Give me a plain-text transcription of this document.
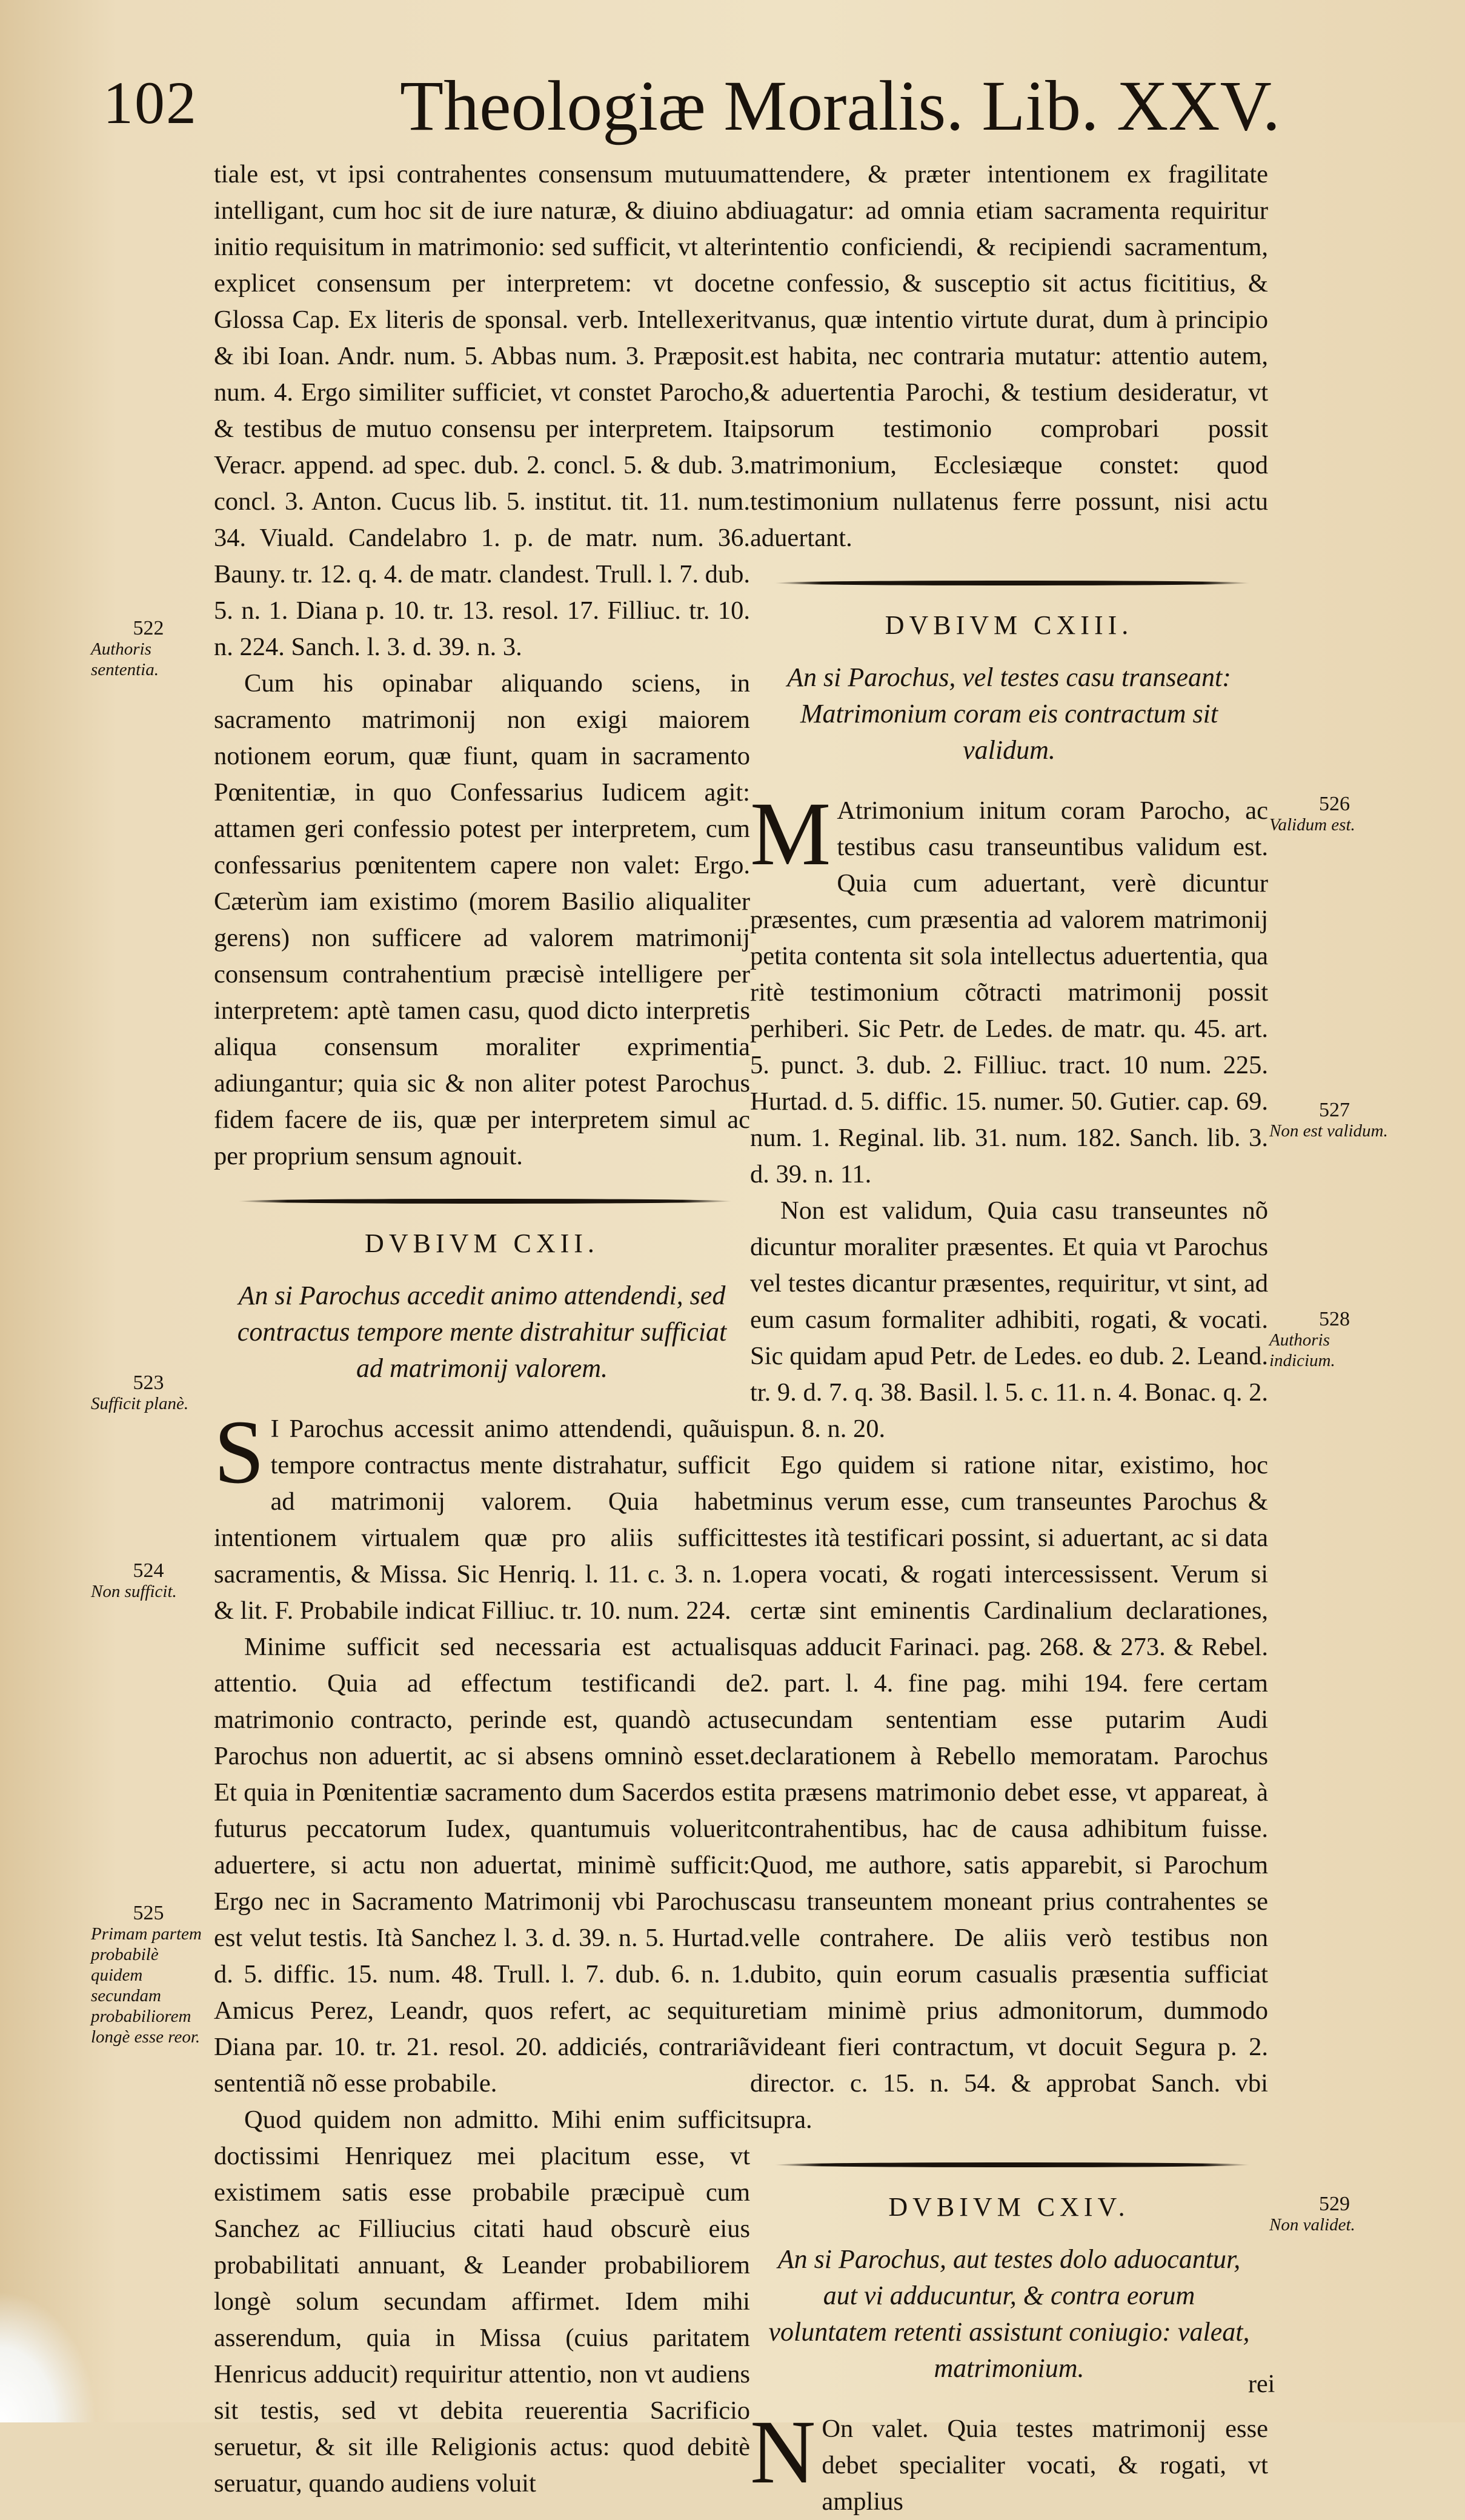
102	Theologiæ Moralis. Lib. XXV.

tiale est, vt ipsi contrahentes consensum mutuum intelligant, cum hoc sit de iure naturæ, & diuino ab initio requisitum in matrimonio: sed sufficit, vt alter explicet consensum per interpretem: vt docet Glossa Cap. Ex literis de sponsal. verb. Intellexerit & ibi Ioan. Andr. num. 5. Abbas num. 3. Præposit. num. 4. Ergo similiter sufficiet, vt constet Parocho, & testibus de mutuo consensu per interpretem. Ita Veracr. append. ad spec. dub. 2. concl. 5. & dub. 3. concl. 3. Anton. Cucus lib. 5. institut. tit. 11. num. 34. Viuald. Candelabro 1. p. de matr. num. 36. Bauny. tr. 12. q. 4. de matr. clandest. Trull. l. 7. dub. 5. n. 1. Diana p. 10. tr. 13. resol. 17. Filliuc. tr. 10. n. 224. Sanch. l. 3. d. 39. n. 3.

Cum his opinabar aliquando sciens, in sacramento matrimonij non exigi maiorem notionem eorum, quæ fiunt, quam in sacramento Pœnitentiæ, in quo Confessarius Iudicem agit: attamen geri confessio potest per interpretem, cum confessarius pœnitentem capere non valet: Ergo. Cæterùm iam existimo (morem Basilio aliqualiter gerens) non sufficere ad valorem matrimonij consensum contrahentium præcisè intelligere per interpretem: aptè tamen casu, quod dicto interpretis aliqua consensum moraliter exprimentia adiungantur; quia sic & non aliter potest Parochus fidem facere de iis, quæ per interpretem simul ac per proprium sensum agnouit.

DVBIVM CXII.
An si Parochus accedit animo attendendi, sed contractus tempore mente distrahitur sufficiat ad matrimonij valorem.

S I Parochus accessit animo attendendi, quãuis tempore contractus mente distrahatur, sufficit ad matrimonij valorem. Quia habet intentionem virtualem quæ pro aliis sufficit sacramentis, & Missa. Sic Henriq. l. 11. c. 3. n. 1. & lit. F. Probabile indicat Filliuc. tr. 10. num. 224.

Minime sufficit sed necessaria est actualis attentio. Quia ad effectum testificandi de matrimonio contracto, perinde est, quandò actu Parochus non aduertit, ac si absens omninò esset. Et quia in Pœnitentiæ sacramento dum Sacerdos est futurus peccatorum Iudex, quantumuis voluerit aduertere, si actu non aduertat, minimè sufficit: Ergo nec in Sacramento Matrimonij vbi Parochus est velut testis. Ità Sanchez l. 3. d. 39. n. 5. Hurtad. d. 5. diffic. 15. num. 48. Trull. l. 7. dub. 6. n. 1. Amicus Perez, Leandr, quos refert, ac sequitur Diana par. 10. tr. 21. resol. 20. addiciés, contrariã sententiã nõ esse probabile.

Quod quidem non admitto. Mihi enim sufficit doctissimi Henriquez mei placitum esse, vt existimem satis esse probabile præcipuè cum Sanchez ac Filliucius citati haud obscurè eius probabilitati annuant, & Leander probabiliorem longè solum secundam affirmet. Idem mihi asserendum, quia in Missa (cuius paritatem Henricus adducit) requiritur attentio, non vt audiens sit testis, sed vt debita reuerentia Sacrificio seruetur, & sit ille Religionis actus: quod debitè seruatur, quando audiens voluit

attendere, & præter intentionem ex fragilitate diuagatur: ad omnia etiam sacramenta requiritur intentio conficiendi, & recipiendi sacramentum, ne confessio, & susceptio sit actus ficititius, & vanus, quæ intentio virtute durat, dum à principio est habita, nec contraria mutatur: attentio autem, & aduertentia Parochi, & testium desideratur, vt ipsorum testimonio comprobari possit matrimonium, Ecclesiæque constet: quod testimonium nullatenus ferre possunt, nisi actu aduertant.

DVBIVM CXIII.
An si Parochus, vel testes casu transeant: Matrimonium coram eis contractum sit validum.

M Atrimonium initum coram Parocho, ac testibus casu transeuntibus validum est. Quia cum aduertant, verè dicuntur præsentes, cum præsentia ad valorem matrimonij petita contenta sit sola intellectus aduertentia, qua ritè testimonium cõtracti matrimonij possit perhiberi. Sic Petr. de Ledes. de matr. qu. 45. art. 5. punct. 3. dub. 2. Filliuc. tract. 10 num. 225. Hurtad. d. 5. diffic. 15. numer. 50. Gutier. cap. 69. num. 1. Reginal. lib. 31. num. 182. Sanch. lib. 3. d. 39. n. 11.

Non est validum, Quia casu transeuntes nõ dicuntur moraliter præsentes. Et quia vt Parochus vel testes dicantur præsentes, requiritur, vt sint, ad eum casum formaliter adhibiti, rogati, & vocati. Sic quidam apud Petr. de Ledes. eo dub. 2. Leand. tr. 9. d. 7. q. 38. Basil. l. 5. c. 11. n. 4. Bonac. q. 2. pun. 8. n. 20.

Ego quidem si ratione nitar, existimo, hoc minus verum esse, cum transeuntes Parochus & testes ità testificari possint, si aduertant, ac si data opera vocati, & rogati intercessissent. Verum si certæ sint eminentis Cardinalium declarationes, quas adducit Farinaci. pag. 268. & 273. & Rebel. 2. part. l. 4. fine pag. mihi 194. fere certam secundam sententiam esse putarim Audi declarationem à Rebello memoratam. Parochus ita præsens matrimonio debet esse, vt appareat, à contrahentibus, hac de causa adhibitum fuisse. Quod, me authore, satis apparebit, si Parochum casu transeuntem moneant prius contrahentes se velle contrahere. De aliis verò testibus non dubito, quin eorum casualis præsentia sufficiat etiam minimè prius admonitorum, dummodo videant fieri contractum, vt docuit Segura p. 2. director. c. 15. n. 54. & approbat Sanch. vbi supra.

DVBIVM CXIV.
An si Parochus, aut testes dolo aduocantur, aut vi adducuntur, & contra eorum voluntatem retenti assistunt coniugio: valeat, matrimonium.

N On valet. Quia testes matrimonij esse debet specialiter vocati, & rogati, vt amplius

rei
522
Authoris sententia.
523
Sufficit planè.
524
Non sufficit.
525
Primam partem probabilè quidem secundam probabiliorem longè esse reor.
526
Validum est.
527
Non est validum.
528
Authoris indicium.
529
Non validet.
